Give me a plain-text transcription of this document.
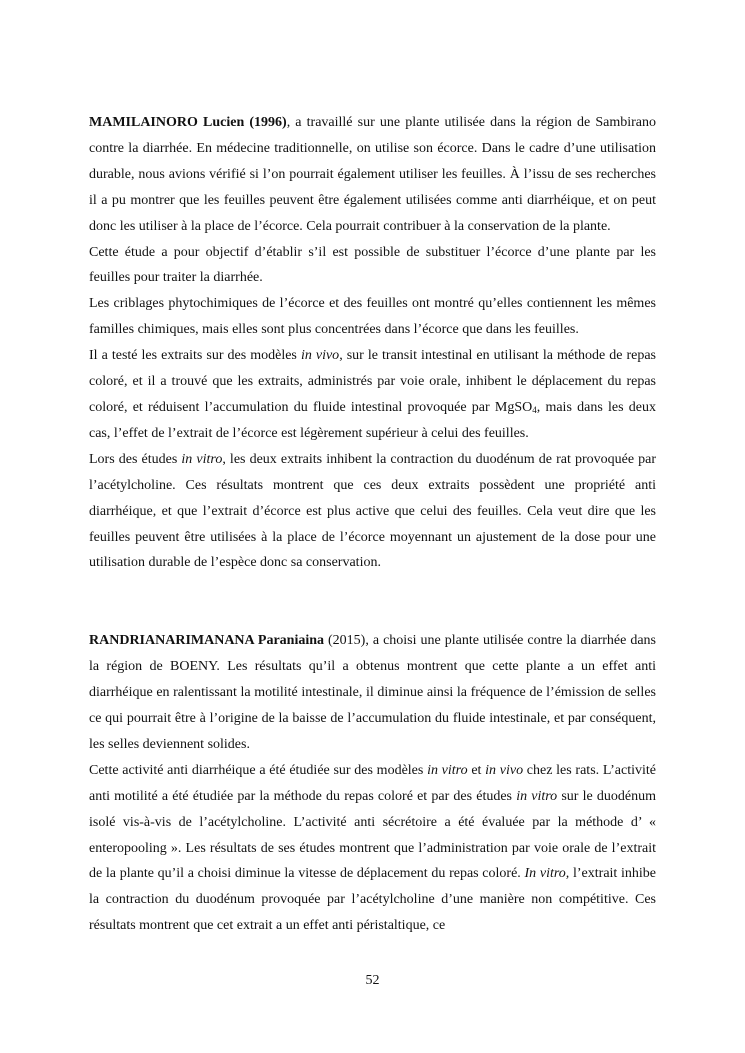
MAMILAINORO Lucien (1996), a travaillé sur une plante utilisée dans la région de Sambirano contre la diarrhée. En médecine traditionnelle, on utilise son écorce. Dans le cadre d’une utilisation durable, nous avions vérifié si l’on pourrait également utiliser les feuilles. À l’issu de ses recherches il a pu montrer que les feuilles peuvent être également utilisées comme anti diarrhéique, et on peut donc les utiliser à la place de l’écorce. Cela pourrait contribuer à la conservation de la plante.

Cette étude a pour objectif d’établir s’il est possible de substituer l’écorce d’une plante par les feuilles pour traiter la diarrhée.

Les criblages phytochimiques de l’écorce et des feuilles ont montré qu’elles contiennent les mêmes familles chimiques, mais elles sont plus concentrées dans l’écorce que dans les feuilles.

Il a testé les extraits sur des modèles in vivo, sur le transit intestinal en utilisant la méthode de repas coloré, et il a trouvé que les extraits, administrés par voie orale, inhibent le déplacement du repas coloré, et réduisent l’accumulation du fluide intestinal provoquée par MgSO$_4$, mais dans les deux cas, l’effet de l’extrait de l’écorce est légèrement supérieur à celui des feuilles.

Lors des études in vitro, les deux extraits inhibent la contraction du duodénum de rat provoquée par l’acétylcholine. Ces résultats montrent que ces deux extraits possèdent une propriété anti diarrhéique, et que l’extrait d’écorce est plus active que celui des feuilles. Cela veut dire que les feuilles peuvent être utilisées à la place de l’écorce moyennant un ajustement de la dose pour une utilisation durable de l’espèce donc sa conservation.

RANDRIANARIMANANA Paraniaina (2015), a choisi une plante utilisée contre la diarrhée dans la région de BOENY. Les résultats qu’il a obtenus montrent que cette plante a un effet anti diarrhéique en ralentissant la motilité intestinale, il diminue ainsi la fréquence de l’émission de selles ce qui pourrait être à l’origine de la baisse de l’accumulation du fluide intestinale, et par conséquent, les selles deviennent solides.

Cette activité anti diarrhéique a été étudiée sur des modèles in vitro et in vivo chez les rats. L’activité anti motilité a été étudiée par la méthode du repas coloré et par des études in vitro sur le duodénum isolé vis-à-vis de l’acétylcholine. L’activité anti sécrétoire a été évaluée par la méthode d’ « enteropooling ». Les résultats de ses études montrent que l’administration par voie orale de l’extrait de la plante qu’il a choisi diminue la vitesse de déplacement du repas coloré. In vitro, l’extrait inhibe la contraction du duodénum provoquée par l’acétylcholine d’une manière non compétitive. Ces résultats montrent que cet extrait a un effet anti péristaltique, ce

52
